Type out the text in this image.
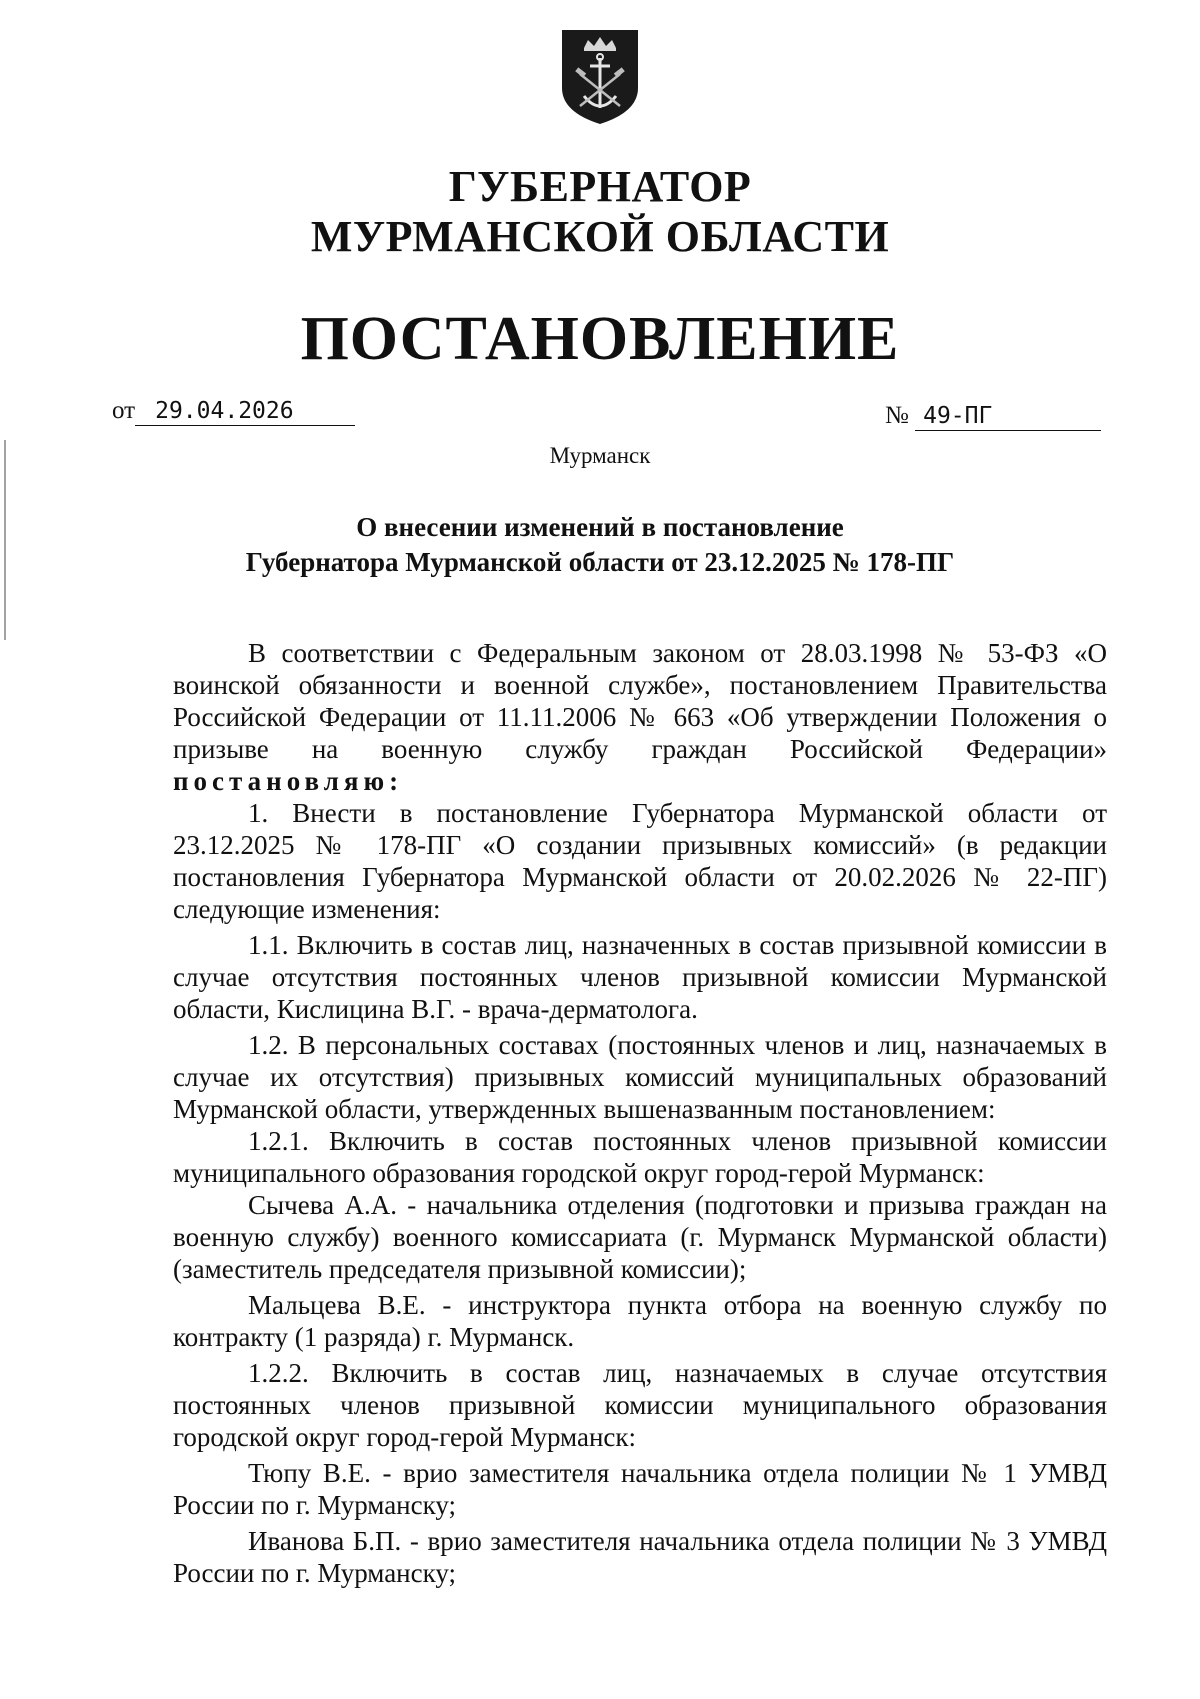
ГУБЕРНАТОР
МУРМАНСКОЙ ОБЛАСТИ
ПОСТАНОВЛЕНИЕ
от 29.04.2026	№ 49-ПГ
Мурманск
О внесении изменений в постановление
Губернатора Мурманской области от 23.12.2025 № 178-ПГ

В соответствии с Федеральным законом от 28.03.1998 № 53-ФЗ «О воинской обязанности и военной службе», постановлением Правительства Российской Федерации от 11.11.2006 № 663 «Об утверждении Положения о призыве на военную службу граждан Российской Федерации» постановляю:

1. Внести в постановление Губернатора Мурманской области от 23.12.2025 № 178-ПГ «О создании призывных комиссий» (в редакции постановления Губернатора Мурманской области от 20.02.2026 № 22-ПГ) следующие изменения:

1.1. Включить в состав лиц, назначенных в состав призывной комиссии в случае отсутствия постоянных членов призывной комиссии Мурманской области, Кислицина В.Г. - врача-дерматолога.

1.2. В персональных составах (постоянных членов и лиц, назначаемых в случае их отсутствия) призывных комиссий муниципальных образований Мурманской области, утвержденных вышеназванным постановлением:

1.2.1. Включить в состав постоянных членов призывной комиссии муниципального образования городской округ город-герой Мурманск:

Сычева А.А. - начальника отделения (подготовки и призыва граждан на военную службу) военного комиссариата (г. Мурманск Мурманской области) (заместитель председателя призывной комиссии);

Мальцева В.Е. - инструктора пункта отбора на военную службу по контракту (1 разряда) г. Мурманск.

1.2.2. Включить в состав лиц, назначаемых в случае отсутствия постоянных членов призывной комиссии муниципального образования городской округ город-герой Мурманск:

Тюпу В.Е. - врио заместителя начальника отдела полиции № 1 УМВД России по г. Мурманску;

Иванова Б.П. - врио заместителя начальника отдела полиции № 3 УМВД России по г. Мурманску;
